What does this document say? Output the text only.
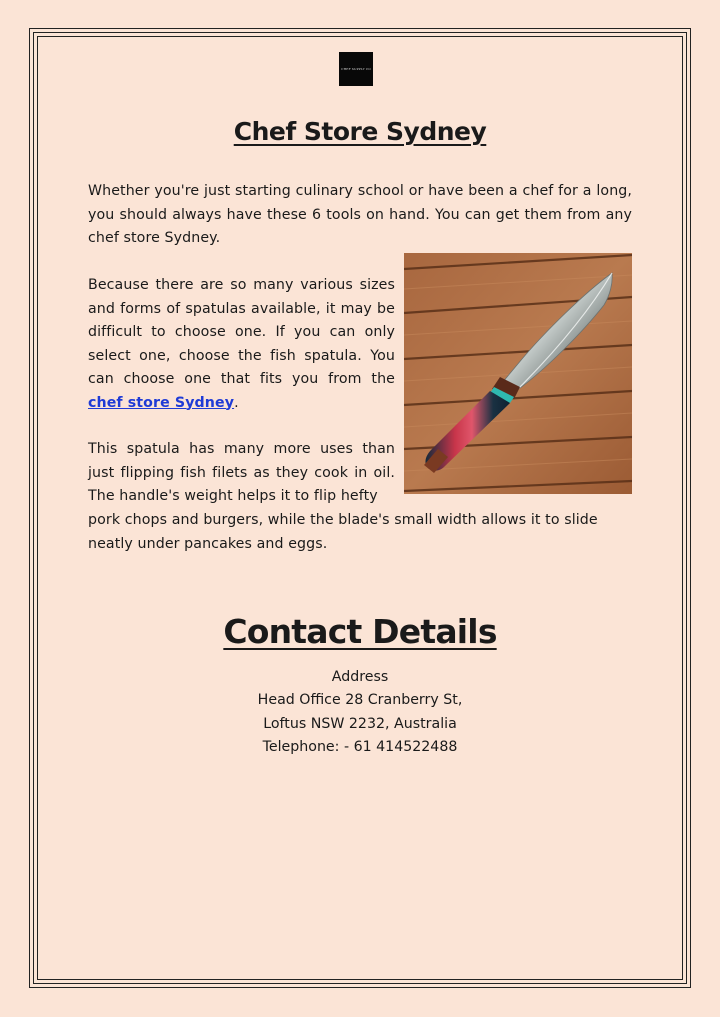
CHEF SUPPLY CO
Chef Store Sydney

Whether you're just starting culinary school or have been a chef for a long, you should always have these 6 tools on hand. You can get them from any chef store Sydney.

Because there are so many various sizes and forms of spatulas available, it may be difficult to choose one. If you can only select one, choose the fish spatula. You can choose one that fits you from the chef store Sydney.

This spatula has many more uses than just flipping fish filets as they cook in oil. The handle's weight helps it to flip hefty

pork chops and burgers, while the blade's small width allows it to slide neatly under pancakes and eggs.

Contact Details

Address

Head Office 28 Cranberry St,

Loftus NSW 2232, Australia

Telephone: - 61 414522488
